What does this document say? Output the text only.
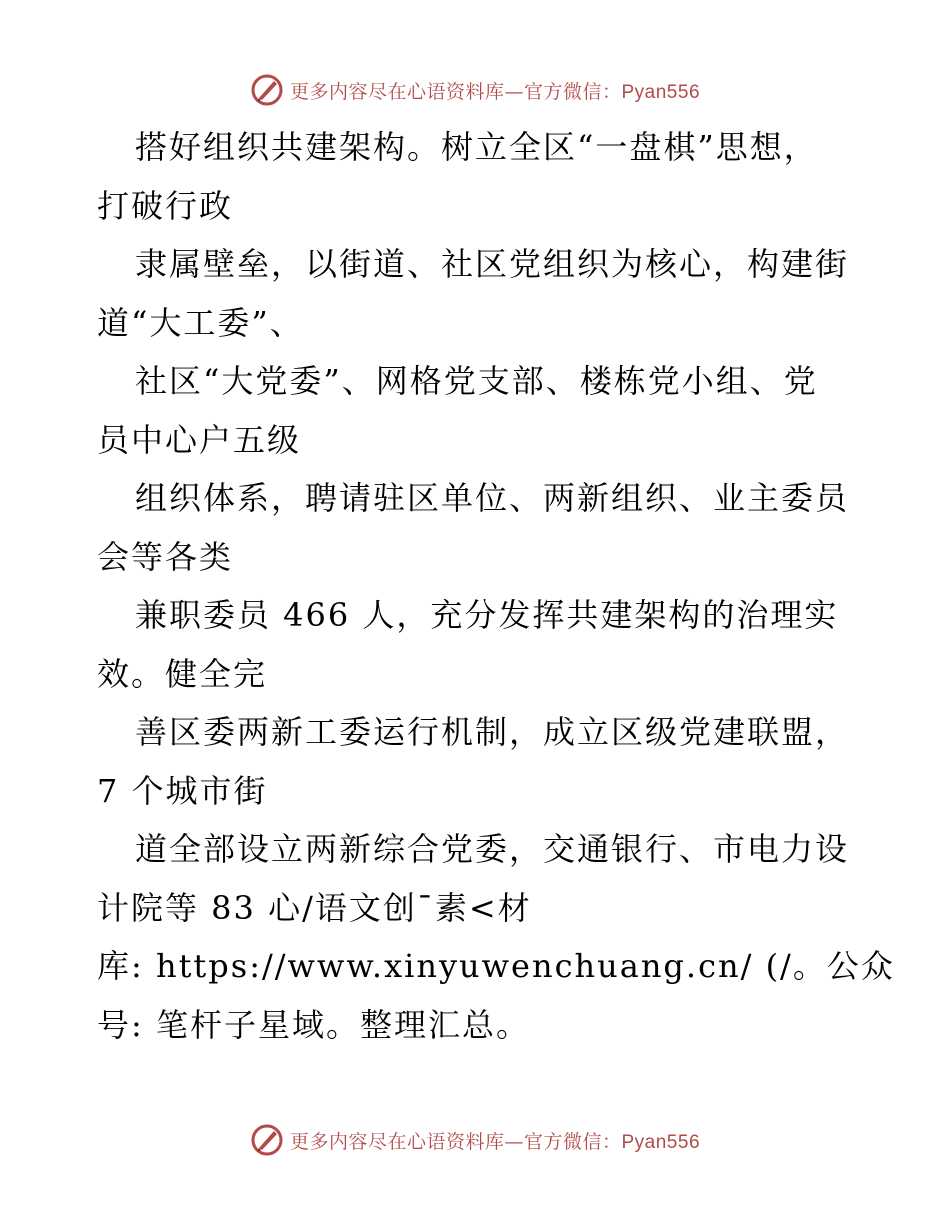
更多内容尽在心语资料库—官方微信：Pyan556
搭好组织共建架构。树立全区“一盘棋”思想，
打破行政
隶属壁垒，以街道、社区党组织为核心，构建街
道“大工委”、
社区“大党委”、网格党支部、楼栋党小组、党
员中心户五级
组织体系，聘请驻区单位、两新组织、业主委员
会等各类
兼职委员 466 人，充分发挥共建架构的治理实
效。健全完
善区委两新工委运行机制，成立区级党建联盟，
7 个城市街
道全部设立两新综合党委，交通银行、市电力设
计院等 83 心/语文创¯素<材
库: https://www.xinyuwenchuang.cn/ (/。公众
号: 笔杆子星域。整理汇总。
更多内容尽在心语资料库—官方微信：Pyan556
